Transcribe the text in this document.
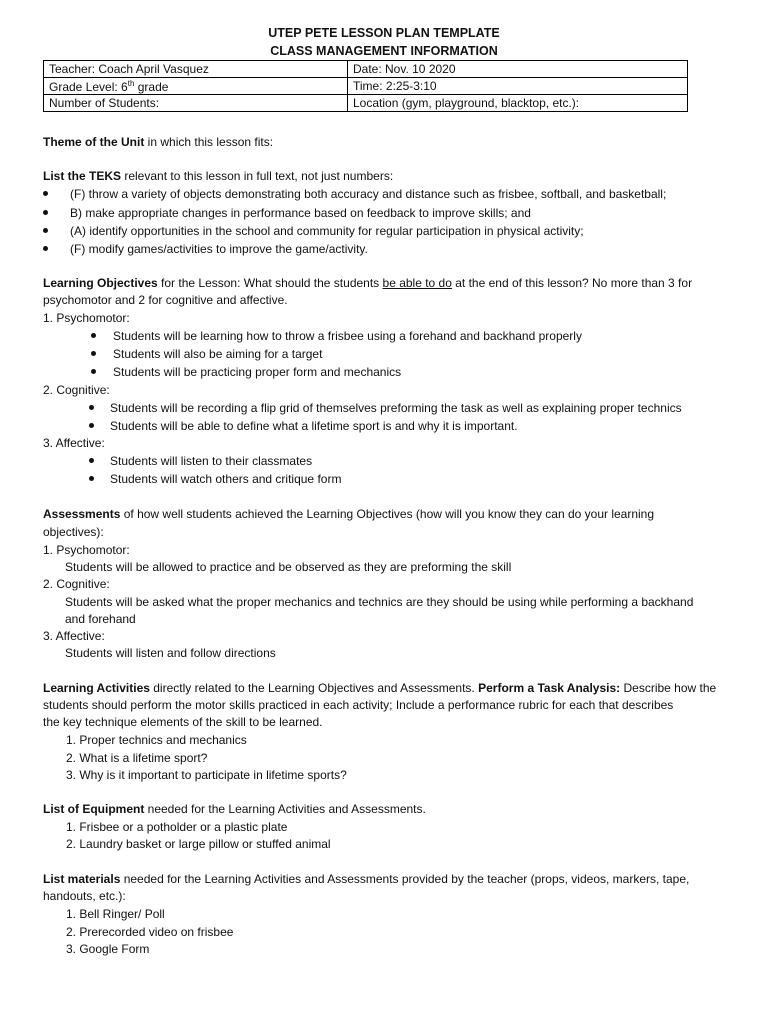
UTEP PETE LESSON PLAN TEMPLATE
CLASS MANAGEMENT INFORMATION
Teacher: Coach April Vasquez	Date: Nov. 10 2020
Grade Level: 6th grade	Time: 2:25-3:10
Number of Students:	Location (gym, playground, blacktop, etc.):
Theme of the Unit in which this lesson fits:
List the TEKS relevant to this lesson in full text, not just numbers:
(F) throw a variety of objects demonstrating both accuracy and distance such as frisbee, softball, and basketball;
B) make appropriate changes in performance based on feedback to improve skills; and
(A) identify opportunities in the school and community for regular participation in physical activity;
(F) modify games/activities to improve the game/activity.
Learning Objectives for the Lesson: What should the students be able to do at the end of this lesson? No more than 3 for
psychomotor and 2 for cognitive and affective.
1. Psychomotor:
Students will be learning how to throw a frisbee using a forehand and backhand properly
Students will also be aiming for a target
Students will be practicing proper form and mechanics
2. Cognitive:
Students will be recording a flip grid of themselves preforming the task as well as explaining proper technics
Students will be able to define what a lifetime sport is and why it is important.
3. Affective:
Students will listen to their classmates
Students will watch others and critique form
Assessments of how well students achieved the Learning Objectives (how will you know they can do your learning
objectives):
1. Psychomotor:
Students will be allowed to practice and be observed as they are preforming the skill
2. Cognitive:
Students will be asked what the proper mechanics and technics are they should be using while performing a backhand
and forehand
3. Affective:
Students will listen and follow directions
Learning Activities directly related to the Learning Objectives and Assessments. Perform a Task Analysis: Describe how the
students should perform the motor skills practiced in each activity; Include a performance rubric for each that describes
the key technique elements of the skill to be learned.
1. Proper technics and mechanics
2. What is a lifetime sport?
3. Why is it important to participate in lifetime sports?
List of Equipment needed for the Learning Activities and Assessments.
1. Frisbee or a potholder or a plastic plate
2. Laundry basket or large pillow or stuffed animal
List materials needed for the Learning Activities and Assessments provided by the teacher (props, videos, markers, tape,
handouts, etc.):
1. Bell Ringer/ Poll
2. Prerecorded video on frisbee
3. Google Form
